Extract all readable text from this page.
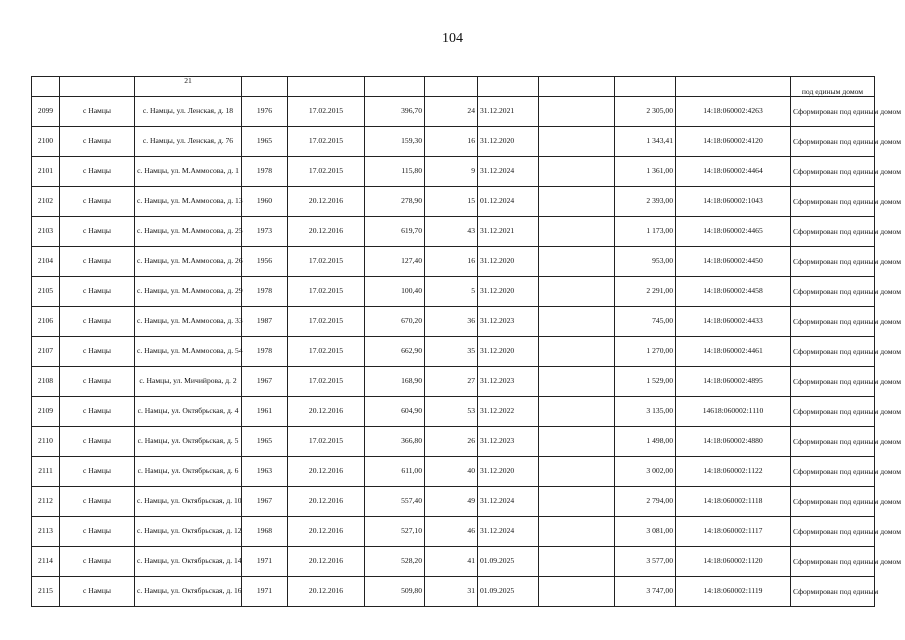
104
		21									под единым домом
2099	с Намцы	с. Намцы, ул. Ленская, д. 18	1976	17.02.2015	396,70	24	31.12.2021		2 305,00	14:18:060002:4263	Сформирован под единым домом
2100	с Намцы	с. Намцы, ул. Ленская, д. 76	1965	17.02.2015	159,30	16	31.12.2020		1 343,41	14:18:060002:4120	Сформирован под единым домом
2101	с Намцы	с. Намцы, ул. М.Аммосова, д. 1	1978	17.02.2015	115,80	9	31.12.2024		1 361,00	14:18:060002:4464	Сформирован под единым домом
2102	с Намцы	с. Намцы, ул. М.Аммосова, д. 13	1960	20.12.2016	278,90	15	01.12.2024		2 393,00	14:18:060002:1043	Сформирован под единым домом
2103	с Намцы	с. Намцы, ул. М.Аммосова, д. 25	1973	20.12.2016	619,70	43	31.12.2021		1 173,00	14:18:060002:4465	Сформирован под единым домом
2104	с Намцы	с. Намцы, ул. М.Аммосова, д. 26	1956	17.02.2015	127,40	16	31.12.2020		953,00	14:18:060002:4450	Сформирован под единым домом
2105	с Намцы	с. Намцы, ул. М.Аммосова, д. 29	1978	17.02.2015	100,40	5	31.12.2020		2 291,00	14:18:060002:4458	Сформирован под единым домом
2106	с Намцы	с. Намцы, ул. М.Аммосова, д. 33	1987	17.02.2015	670,20	36	31.12.2023		745,00	14:18:060002:4433	Сформирован под единым домом
2107	с Намцы	с. Намцы, ул. М.Аммосова, д. 54	1978	17.02.2015	662,90	35	31.12.2020		1 270,00	14:18:060002:4461	Сформирован под единым домом
2108	с Намцы	с. Намцы, ул. Мичийрова, д. 2	1967	17.02.2015	168,90	27	31.12.2023		1 529,00	14:18:060002:4895	Сформирован под единым домом
2109	с Намцы	с. Намцы, ул. Октябрьская, д. 4	1961	20.12.2016	604,90	53	31.12.2022		3 135,00	14618:060002:1110	Сформирован под единым домом
2110	с Намцы	с. Намцы, ул. Октябрьская, д. 5	1965	17.02.2015	366,80	26	31.12.2023		1 498,00	14:18:060002:4880	Сформирован под единым домом
2111	с Намцы	с. Намцы, ул. Октябрьская, д. 6	1963	20.12.2016	611,00	40	31.12.2020		3 002,00	14:18:060002:1122	Сформирован под единым домом
2112	с Намцы	с. Намцы, ул. Октябрьская, д. 10	1967	20.12.2016	557,40	49	31.12.2024		2 794,00	14:18:060002:1118	Сформирован под единым домом
2113	с Намцы	с. Намцы, ул. Октябрьская, д. 12	1968	20.12.2016	527,10	46	31.12.2024		3 081,00	14:18:060002:1117	Сформирован под единым домом
2114	с Намцы	с. Намцы, ул. Октябрьская, д. 14	1971	20.12.2016	528,20	41	01.09.2025		3 577,00	14:18:060002:1120	Сформирован под единым домом
2115	с Намцы	с. Намцы, ул. Октябрьская, д. 16	1971	20.12.2016	509,80	31	01.09.2025		3 747,00	14:18:060002:1119	Сформирован под единым
